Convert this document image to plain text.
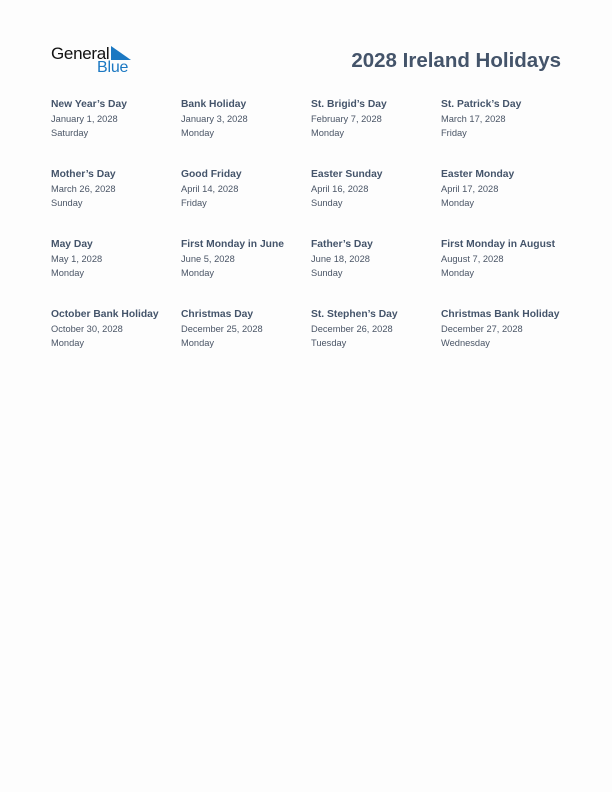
General
Blue	2028 Ireland Holidays
New Year’s Day
January 1, 2028
Saturday
Bank Holiday
January 3, 2028
Monday
St. Brigid’s Day
February 7, 2028
Monday
St. Patrick’s Day
March 17, 2028
Friday
Mother’s Day
March 26, 2028
Sunday
Good Friday
April 14, 2028
Friday
Easter Sunday
April 16, 2028
Sunday
Easter Monday
April 17, 2028
Monday
May Day
May 1, 2028
Monday
First Monday in June
June 5, 2028
Monday
Father’s Day
June 18, 2028
Sunday
First Monday in August
August 7, 2028
Monday
October Bank Holiday
October 30, 2028
Monday
Christmas Day
December 25, 2028
Monday
St. Stephen’s Day
December 26, 2028
Tuesday
Christmas Bank Holiday
December 27, 2028
Wednesday
